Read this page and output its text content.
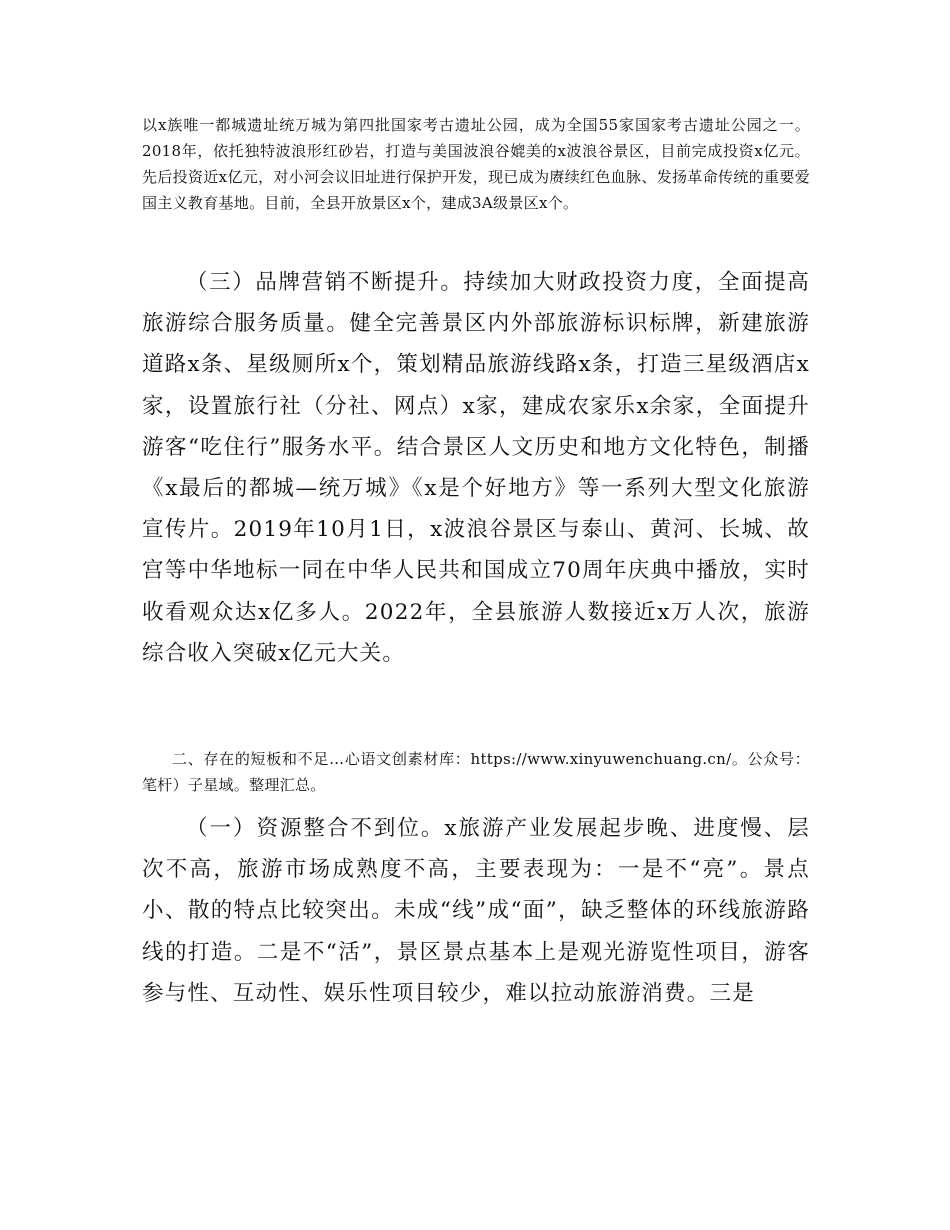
以x族唯一都城遗址统万城为第四批国家考古遗址公园，成为全国55家国家考古遗址公园之一。2018年，依托独特波浪形红砂岩，打造与美国波浪谷媲美的x波浪谷景区，目前完成投资x亿元。先后投资近x亿元，对小河会议旧址进行保护开发，现已成为赓续红色血脉、发扬革命传统的重要爱国主义教育基地。目前，全县开放景区x个，建成3A级景区x个。

（三）品牌营销不断提升。持续加大财政投资力度，全面提高旅游综合服务质量。健全完善景区内外部旅游标识标牌，新建旅游道路x条、星级厕所x个，策划精品旅游线路x条，打造三星级酒店x家，设置旅行社（分社、网点）x家，建成农家乐x余家，全面提升游客“吃住行”服务水平。结合景区人文历史和地方文化特色，制播《x最后的都城—统万城》《x是个好地方》等一系列大型文化旅游宣传片。2019年10月1日，x波浪谷景区与泰山、黄河、长城、故宫等中华地标一同在中华人民共和国成立70周年庆典中播放，实时收看观众达x亿多人。2022年，全县旅游人数接近x万人次，旅游综合收入突破x亿元大关。

二、存在的短板和不足…心语文创素材库：https://www.xinyuwenchuang.cn/。公众号：笔杆）子星域。整理汇总。

（一）资源整合不到位。x旅游产业发展起步晚、进度慢、层次不高，旅游市场成熟度不高，主要表现为：一是不“亮”。景点小、散的特点比较突出。未成“线”成“面”，缺乏整体的环线旅游路线的打造。二是不“活”，景区景点基本上是观光游览性项目，游客参与性、互动性、娱乐性项目较少，难以拉动旅游消费。三是
